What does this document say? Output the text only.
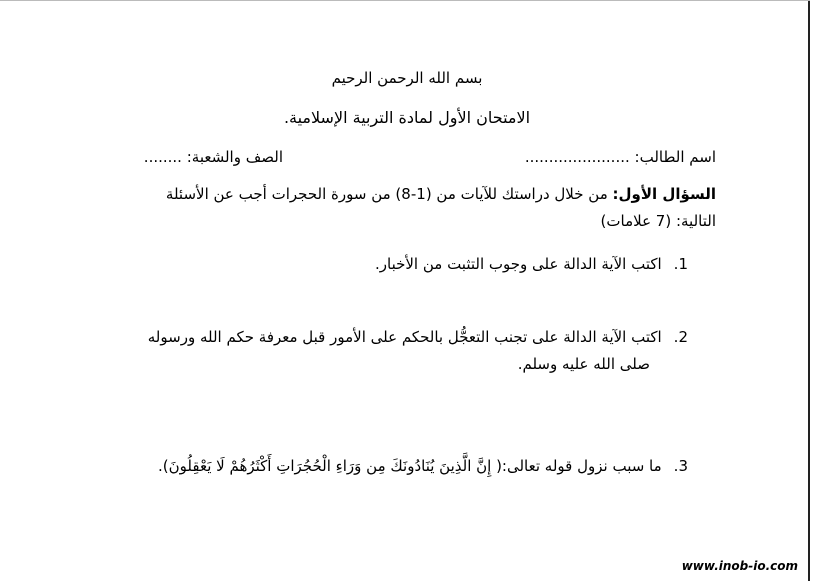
بسم الله الرحمن الرحيم
الامتحان الأول لمادة التربية الإسلامية.
اسم الطالب: ......................
الصف والشعبة: ........
السؤال الأول: من خلال دراستك للآيات من (1-8) من سورة الحجرات أجب عن الأسئلة
التالية: (7 علامات)
1.اكتب الآية الدالة على وجوب التثبت من الأخبار.
2.اكتب الآية الدالة على تجنب التعجُّل بالحكم على الأمور قبل معرفة حكم الله ورسوله
صلى الله عليه وسلم.
3.ما سبب نزول قوله تعالى:( إِنَّ الَّذِينَ يُنَادُونَكَ مِن وَرَاءِ الْحُجُرَاتِ أَكْثَرُهُمْ لَا يَعْقِلُونَ).
www.inob-io.com
